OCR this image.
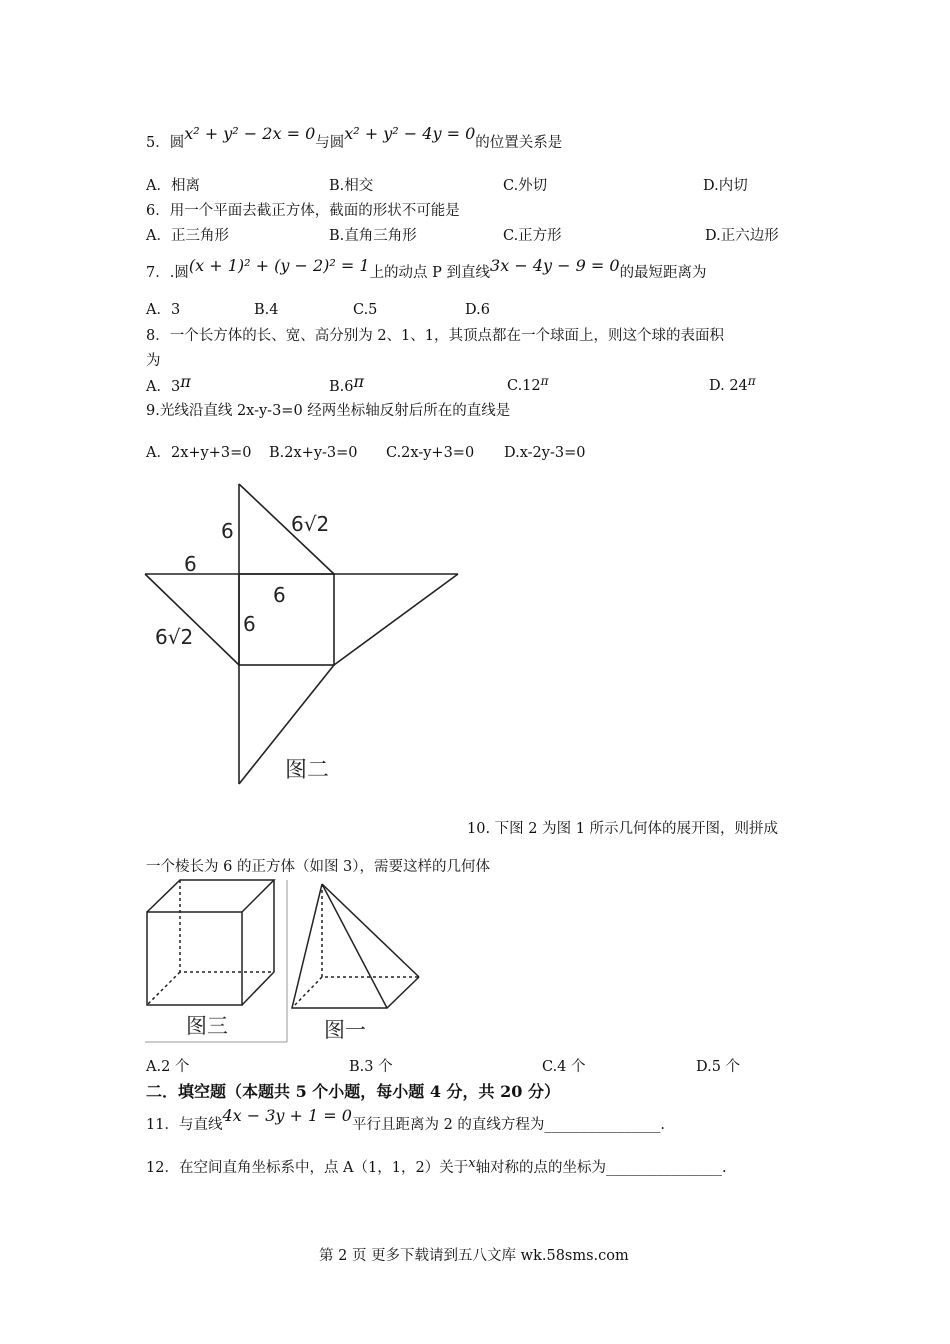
5．圆x² + y² − 2x = 0与圆x² + y² − 4y = 0的位置关系是
A．相离	B.相交	C.外切	D.内切
6．用一个平面去截正方体，截面的形状不可能是
A．正三角形	B.直角三角形	C.正方形	D.正六边形
7．.圆(x + 1)² + (y − 2)² = 1上的动点 P 到直线3x − 4y − 9 = 0的最短距离为
A．3	B.4	C.5	D.6
8．一个长方体的长、宽、高分别为 2、1、1，其顶点都在一个球面上，则这个球的表面积
为
A．3π	B.6π	$C.12^\pi$	D. $24^\pi$
9.光线沿直线 2x-y-3=0 经两坐标轴反射后所在的直线是
A．2x+y+3=0 B.2x+y-3=0 C.2x-y+3=0 D.x-2y-3=0
6	6√2
6
6
6
6√2
图二
10. 下图 2 为图 1 所示几何体的展开图，则拼成
一个棱长为 6 的正方体（如图 3），需要这样的几何体
图三	图一
A.2 个	B.3 个	C.4 个	D.5 个
二．填空题（本题共 5 个小题，每小题 4 分，共 20 分）
11．与直线4x − 3y + 1 = 0平行且距离为 2 的直线方程为________________.
12．在空间直角坐标系中，点 A（1，1，2）关于x轴对称的点的坐标为________________.
第 2 页 更多下载请到五八文库 wk.58sms.com
